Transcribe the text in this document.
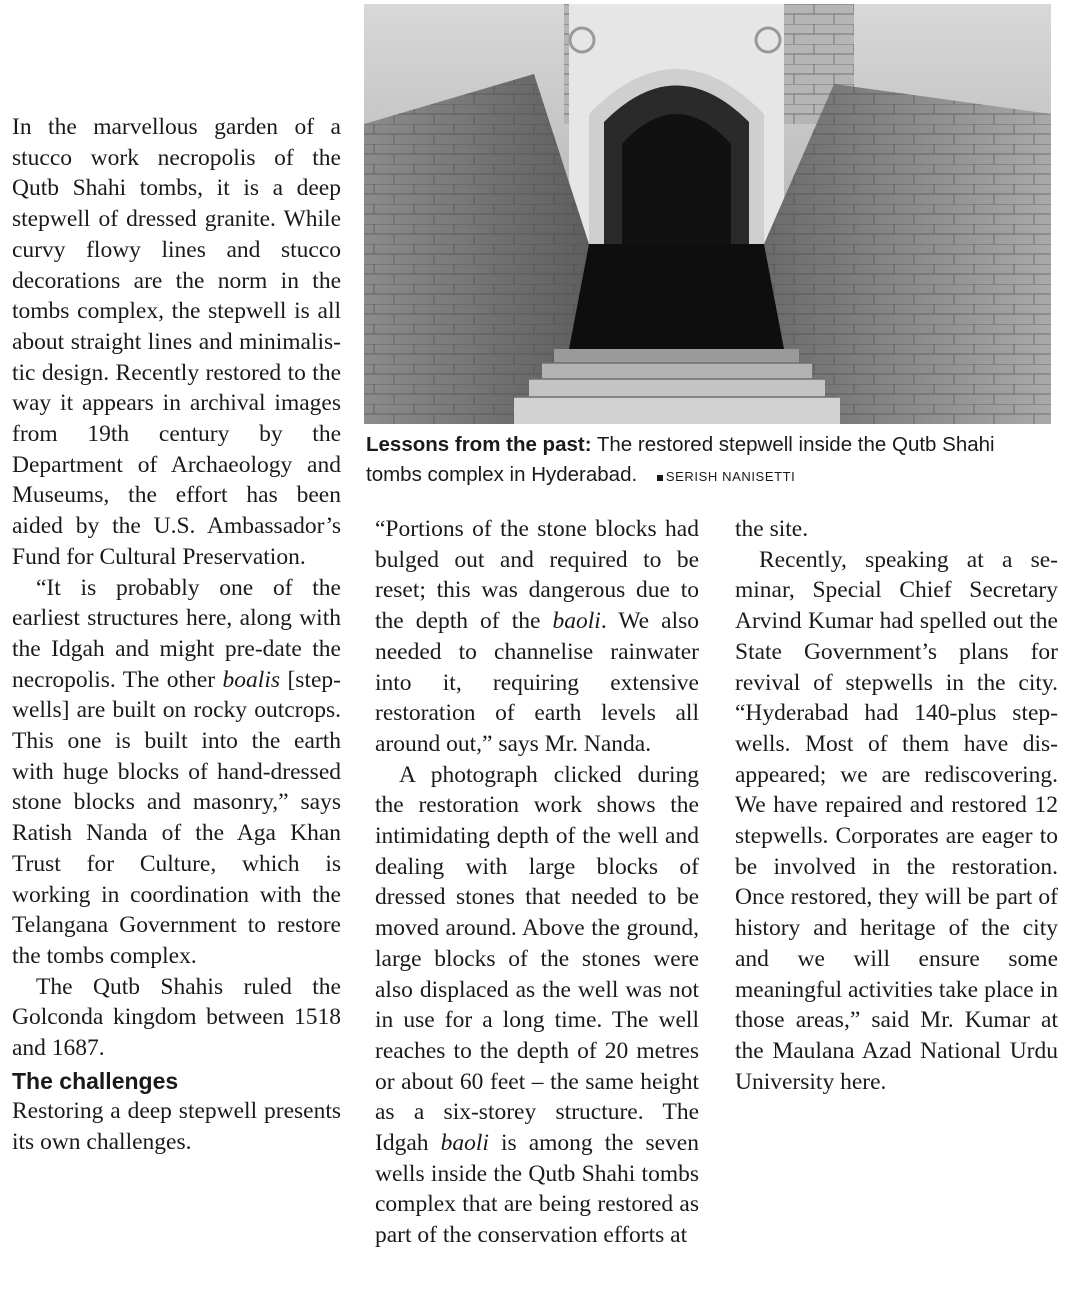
Lessons from the past: The restored stepwell inside the Qutb Shahi tombs complex in Hyderabad. SERISH NANISETTI

In the marvellous garden of a stucco work necropolis of the Qutb Shahi tombs, it is a deep stepwell of dressed granite. While curvy flowy lines and stucco decorations are the norm in the tombs complex, the stepwell is all about straight lines and minimalistic design. Recently restored to the way it appears in archival images from 19th century by the Department of Archaeology and Museums, the effort has been aided by the U.S. Ambassador’s Fund for Cultural Preservation.

“It is probably one of the earliest structures here, along with the Idgah and might pre-date the necropolis. The other boalis [stepwells] are built on rocky outcrops. This one is built into the earth with huge blocks of hand-dressed stone blocks and masonry,” says Ratish Nanda of the Aga Khan Trust for Culture, which is working in coordination with the Telangana Government to restore the tombs complex.

The Qutb Shahis ruled the Golconda kingdom between 1518 and 1687.

The challenges

Restoring a deep stepwell presents its own challenges.

“Portions of the stone blocks had bulged out and required to be reset; this was dangerous due to the depth of the baoli. We also needed to channelise rainwater into it, requiring extensive restoration of earth levels all around out,” says Mr. Nanda.

A photograph clicked during the restoration work shows the intimidating depth of the well and dealing with large blocks of dressed stones that needed to be moved around. Above the ground, large blocks of the stones were also displaced as the well was not in use for a long time. The well reaches to the depth of 20 metres or about 60 feet – the same height as a six-storey structure. The Idgah baoli is among the seven wells inside the Qutb Shahi tombs complex that are being restored as part of the conservation efforts at

the site.

Recently, speaking at a seminar, Special Chief Secretary Arvind Kumar had spelled out the State Government’s plans for revival of stepwells in the city. “Hyderabad had 140-plus stepwells. Most of them have disappeared; we are rediscovering. We have repaired and restored 12 stepwells. Corporates are eager to be involved in the restoration. Once restored, they will be part of history and heritage of the city and we will ensure some meaningful activities take place in those areas,” said Mr. Kumar at the Maulana Azad National Urdu University here.
